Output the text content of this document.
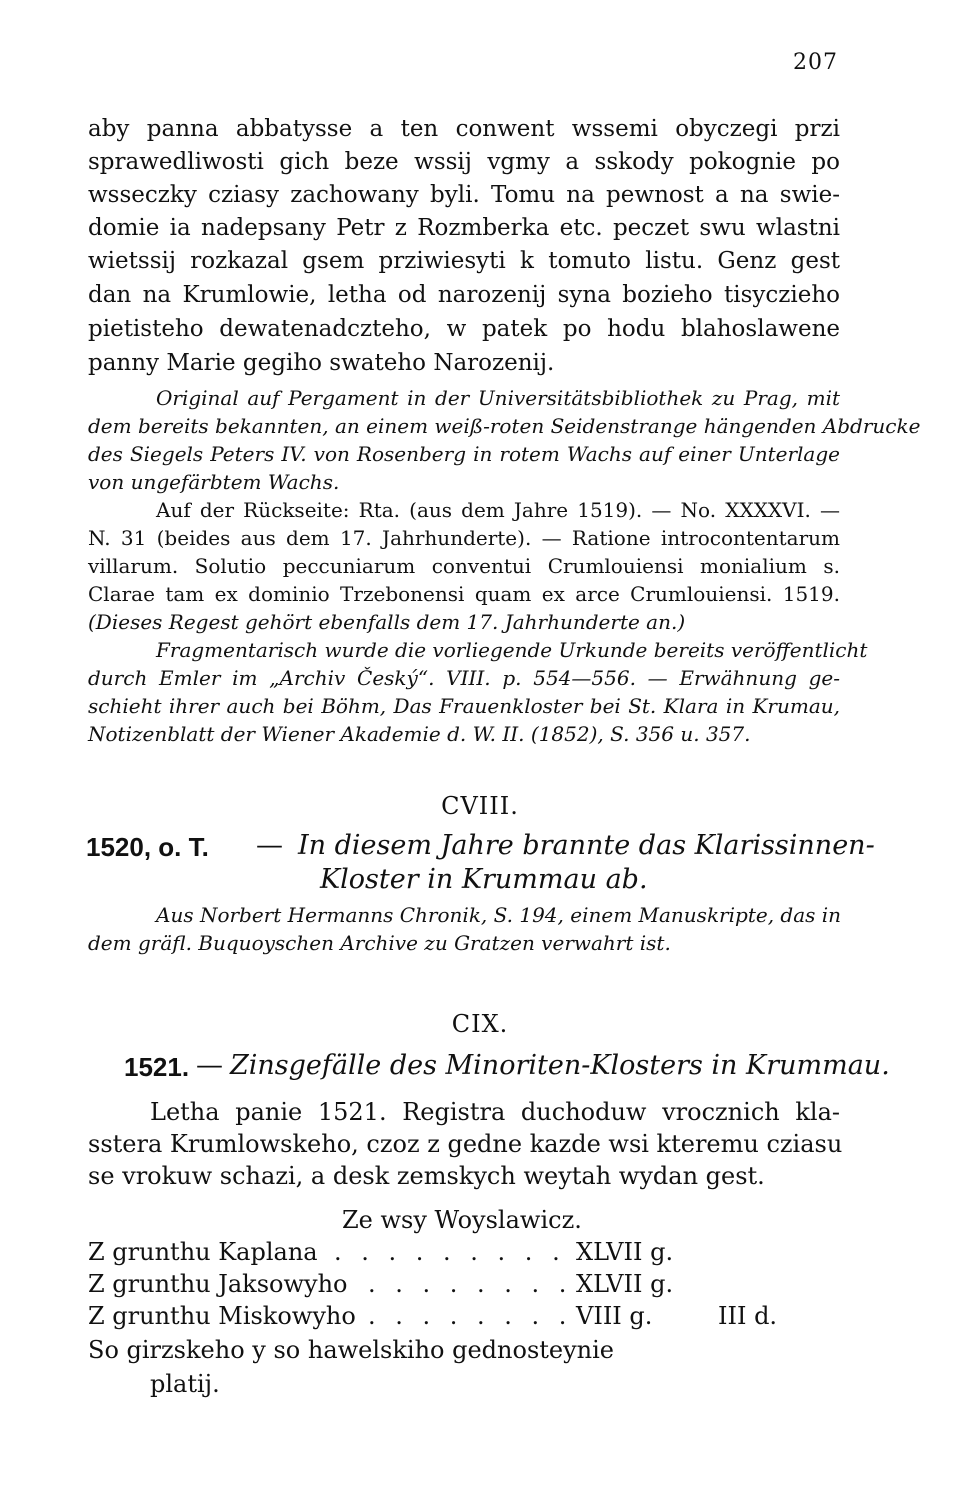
207
aby panna abbatysse a ten conwent wssemi obyczegi przi
sprawedliwosti gich beze wssij vgmy a sskody pokognie po
wsseczky cziasy zachowany byli. Tomu na pewnost a na swie-
domie ia nadepsany Petr z Rozmberka etc. peczet swu wlastni
wietssij rozkazal gsem prziwiesyti k tomuto listu. Genz gest
dan na Krumlowie, letha od narozenij syna bozieho tisyczieho
pietisteho dewatenadczteho, w patek po hodu blahoslawene
panny Marie gegiho swateho Narozenij.
Original auf Pergament in der Universitätsbibliothek zu Prag, mit
dem bereits bekannten, an einem weiß-roten Seidenstrange hängenden Abdrucke
des Siegels Peters IV. von Rosenberg in rotem Wachs auf einer Unterlage
von ungefärbtem Wachs.
Auf der Rückseite: Rta. (aus dem Jahre 1519). — No. XXXXVI. —
N. 31 (beides aus dem 17. Jahrhunderte). — Ratione introcontentarum
villarum. Solutio peccuniarum conventui Crumlouiensi monialium s.
Clarae tam ex dominio Trzebonensi quam ex arce Crumlouiensi. 1519.
(Dieses Regest gehört ebenfalls dem 17. Jahrhunderte an.)
Fragmentarisch wurde die vorliegende Urkunde bereits veröffentlicht
durch Emler im „Archiv Český“. VIII. p. 554—556. — Erwähnung ge-
schieht ihrer auch bei Böhm, Das Frauenkloster bei St. Klara in Krumau,
Notizenblatt der Wiener Akademie d. W. II. (1852), S. 356 u. 357.
CVIII.
1520, o. T. — In diesem Jahre brannte das Klarissinnen-
Kloster in Krummau ab.
Aus Norbert Hermanns Chronik, S. 194, einem Manuskripte, das in
dem gräfl. Buquoyschen Archive zu Gratzen verwahrt ist.
CIX.
1521. — Zinsgefälle des Minoriten-Klosters in Krummau.
Letha panie 1521. Registra duchoduw vrocznich kla-
sstera Krumlowskeho, czoz z gedne kazde wsi kteremu cziasu
se vrokuw schazi, a desk zemskych weytah wydan gest.
Ze wsy Woyslawicz.
Z grunthu Kaplana . . . . . . . . . XLVII g.
Z grunthu Jaksowyho . . . . . . . . XLVII g.
Z grunthu Miskowyho . . . . . . . . VIII g.	III d.
So girzskeho y so hawelskiho gednosteynie
platij.
